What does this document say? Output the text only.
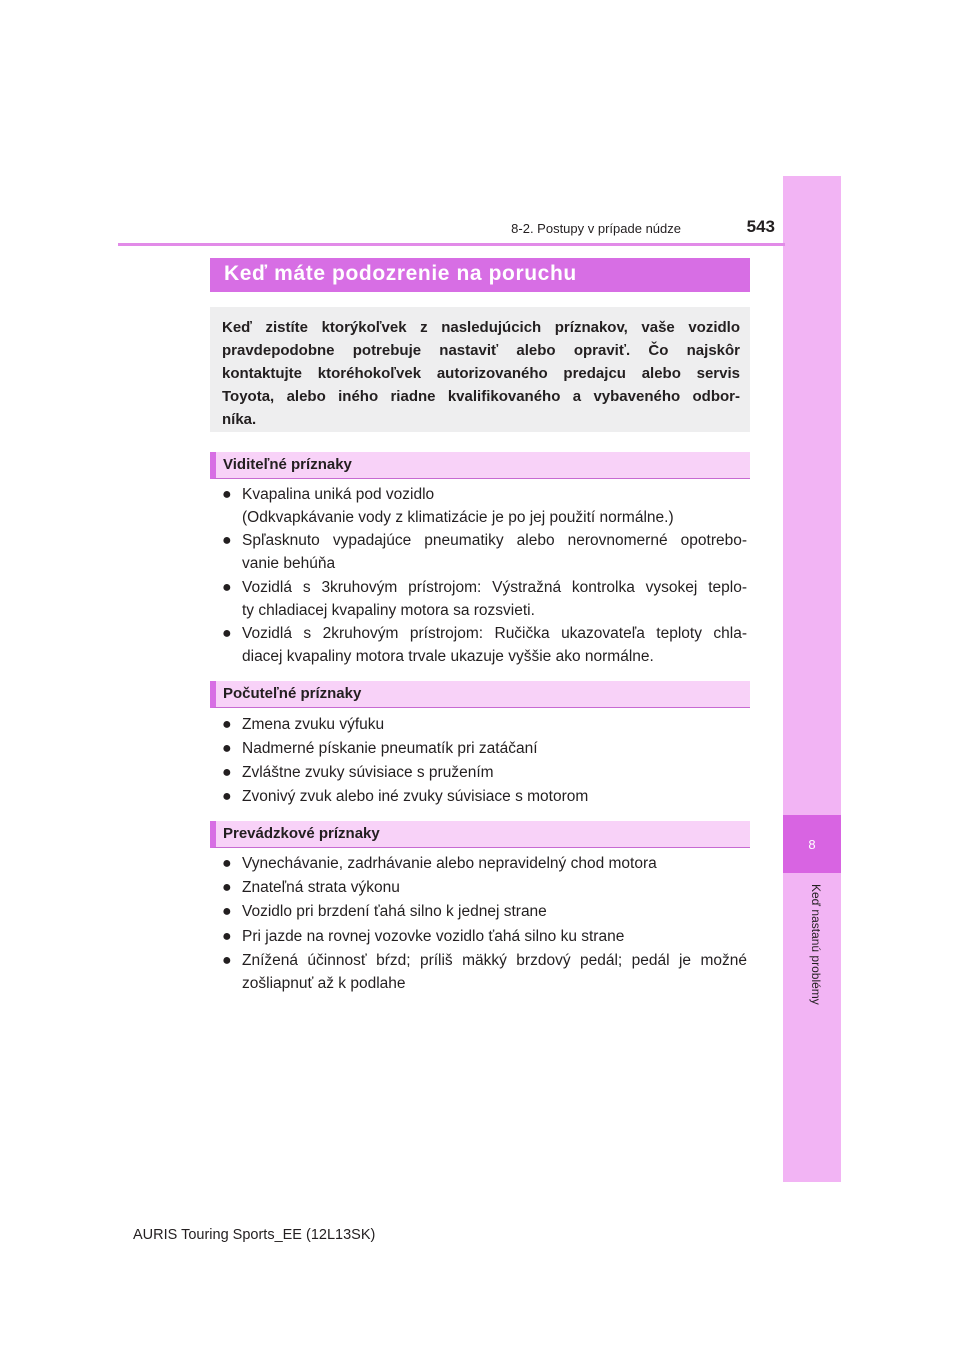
8
Keď nastanú problémy
8-2. Postupy v prípade núdze	543
Keď máte podozrenie na poruchu
Keď zistíte ktorýkoľvek z nasledujúcich príznakov, vaše vozidlo
pravdepodobne potrebuje nastaviť alebo opraviť. Čo najskôr
kontaktujte ktoréhokoľvek autorizovaného predajcu alebo servis
Toyota, alebo iného riadne kvalifikovaného a vybaveného odbor-
níka.
Viditeľné príznaky
● Kvapalina uniká pod vozidlo
(Odkvapkávanie vody z klimatizácie je po jej použití normálne.)
● Spľasknuto vypadajúce pneumatiky alebo nerovnomerné opotrebo-
vanie behúňa
● Vozidlá s 3kruhovým prístrojom: Výstražná kontrolka vysokej teplo-
ty chladiacej kvapaliny motora sa rozsvieti.
● Vozidlá s 2kruhovým prístrojom: Ručička ukazovateľa teploty chla-
diacej kvapaliny motora trvale ukazuje vyššie ako normálne.
Počuteľné príznaky
● Zmena zvuku výfuku
● Nadmerné pískanie pneumatík pri zatáčaní
● Zvláštne zvuky súvisiace s pružením
● Zvonivý zvuk alebo iné zvuky súvisiace s motorom
Prevádzkové príznaky
● Vynechávanie, zadrhávanie alebo nepravidelný chod motora
● Znateľná strata výkonu
● Vozidlo pri brzdení ťahá silno k jednej strane
● Pri jazde na rovnej vozovke vozidlo ťahá silno ku strane
● Znížená účinnosť bŕzd; príliš mäkký brzdový pedál; pedál je možné
zošliapnuť až k podlahe
AURIS Touring Sports_EE (12L13SK)
